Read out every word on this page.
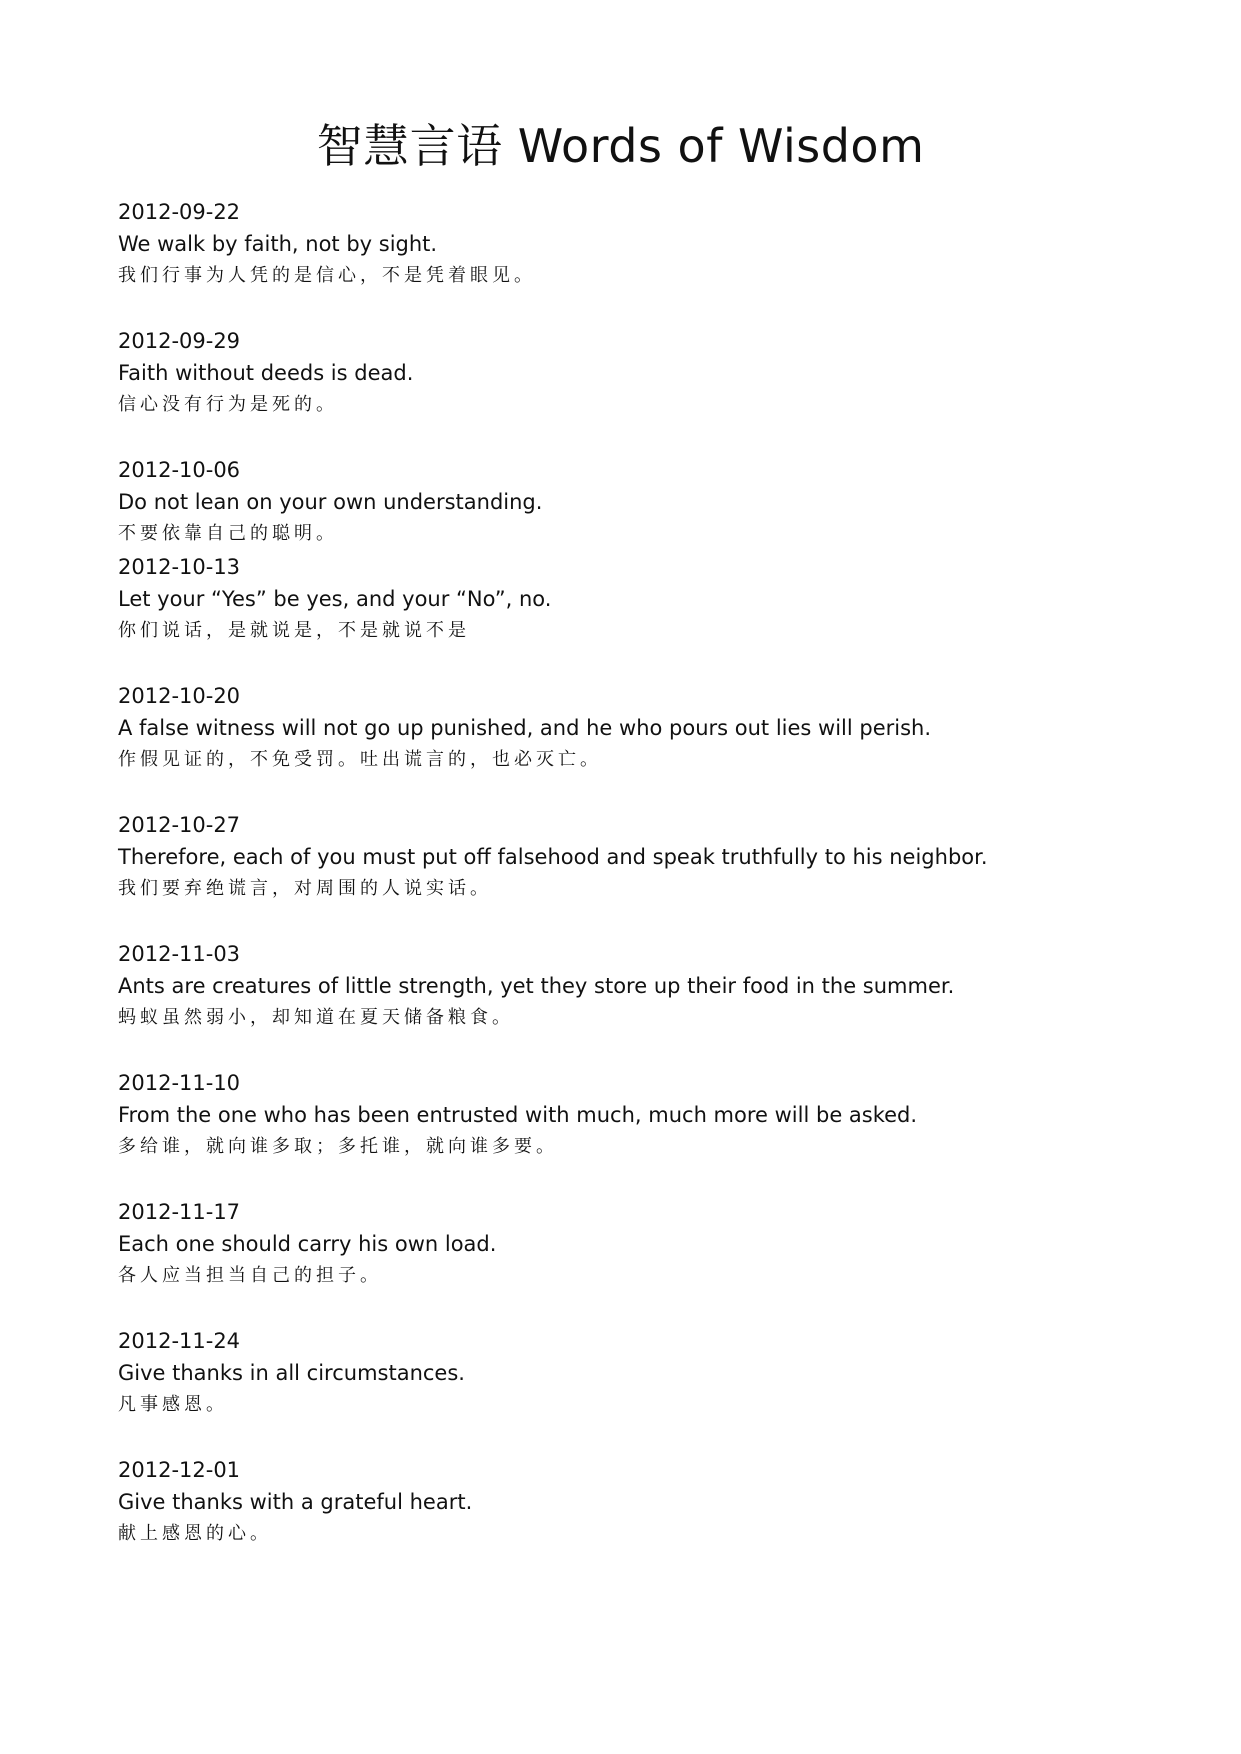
智慧言语 Words of Wisdom
2012-09-22
We walk by faith, not by sight.
我们行事为人凭的是信心，不是凭着眼见。
2012-09-29
Faith without deeds is dead.
信心没有行为是死的。
2012-10-06
Do not lean on your own understanding.
不要依靠自己的聪明。
2012-10-13
Let your “Yes” be yes, and your “No”, no.
你们说话，是就说是，不是就说不是
2012-10-20
A false witness will not go up punished, and he who pours out lies will perish.
作假见证的，不免受罚。吐出谎言的，也必灭亡。
2012-10-27
Therefore, each of you must put off falsehood and speak truthfully to his neighbor.
我们要弃绝谎言，对周围的人说实话。
2012-11-03
Ants are creatures of little strength, yet they store up their food in the summer.
蚂蚁虽然弱小，却知道在夏天储备粮食。
2012-11-10
From the one who has been entrusted with much, much more will be asked.
多给谁，就向谁多取；多托谁，就向谁多要。
2012-11-17
Each one should carry his own load.
各人应当担当自己的担子。
2012-11-24
Give thanks in all circumstances.
凡事感恩。
2012-12-01
Give thanks with a grateful heart.
献上感恩的心。
